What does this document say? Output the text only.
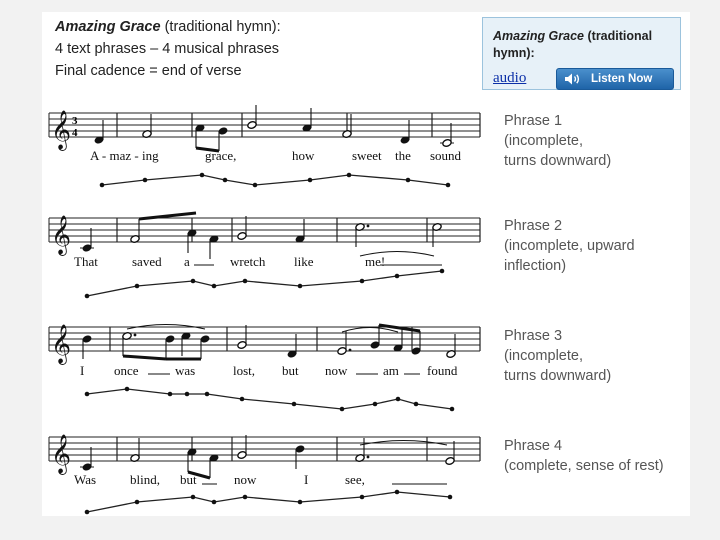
Amazing Grace (traditional hymn):
4 text phrases – 4 musical phrases
Final cadence = end of verse
Amazing Grace (traditional hymn):
audio	Listen Now
𝄞 3
4
𝄞
𝄞
𝄞
A - maz - ing	grace,	how	sweet the sound
That	saved a	wretch like	me!
I once	was	lost, but now	am found
Was	blind, but	now	I	see,
Phrase 1
(incomplete,
turns downward)
Phrase 2
(incomplete, upward
inflection)
Phrase 3
(incomplete,
turns downward)
Phrase 4
(complete, sense of rest)
